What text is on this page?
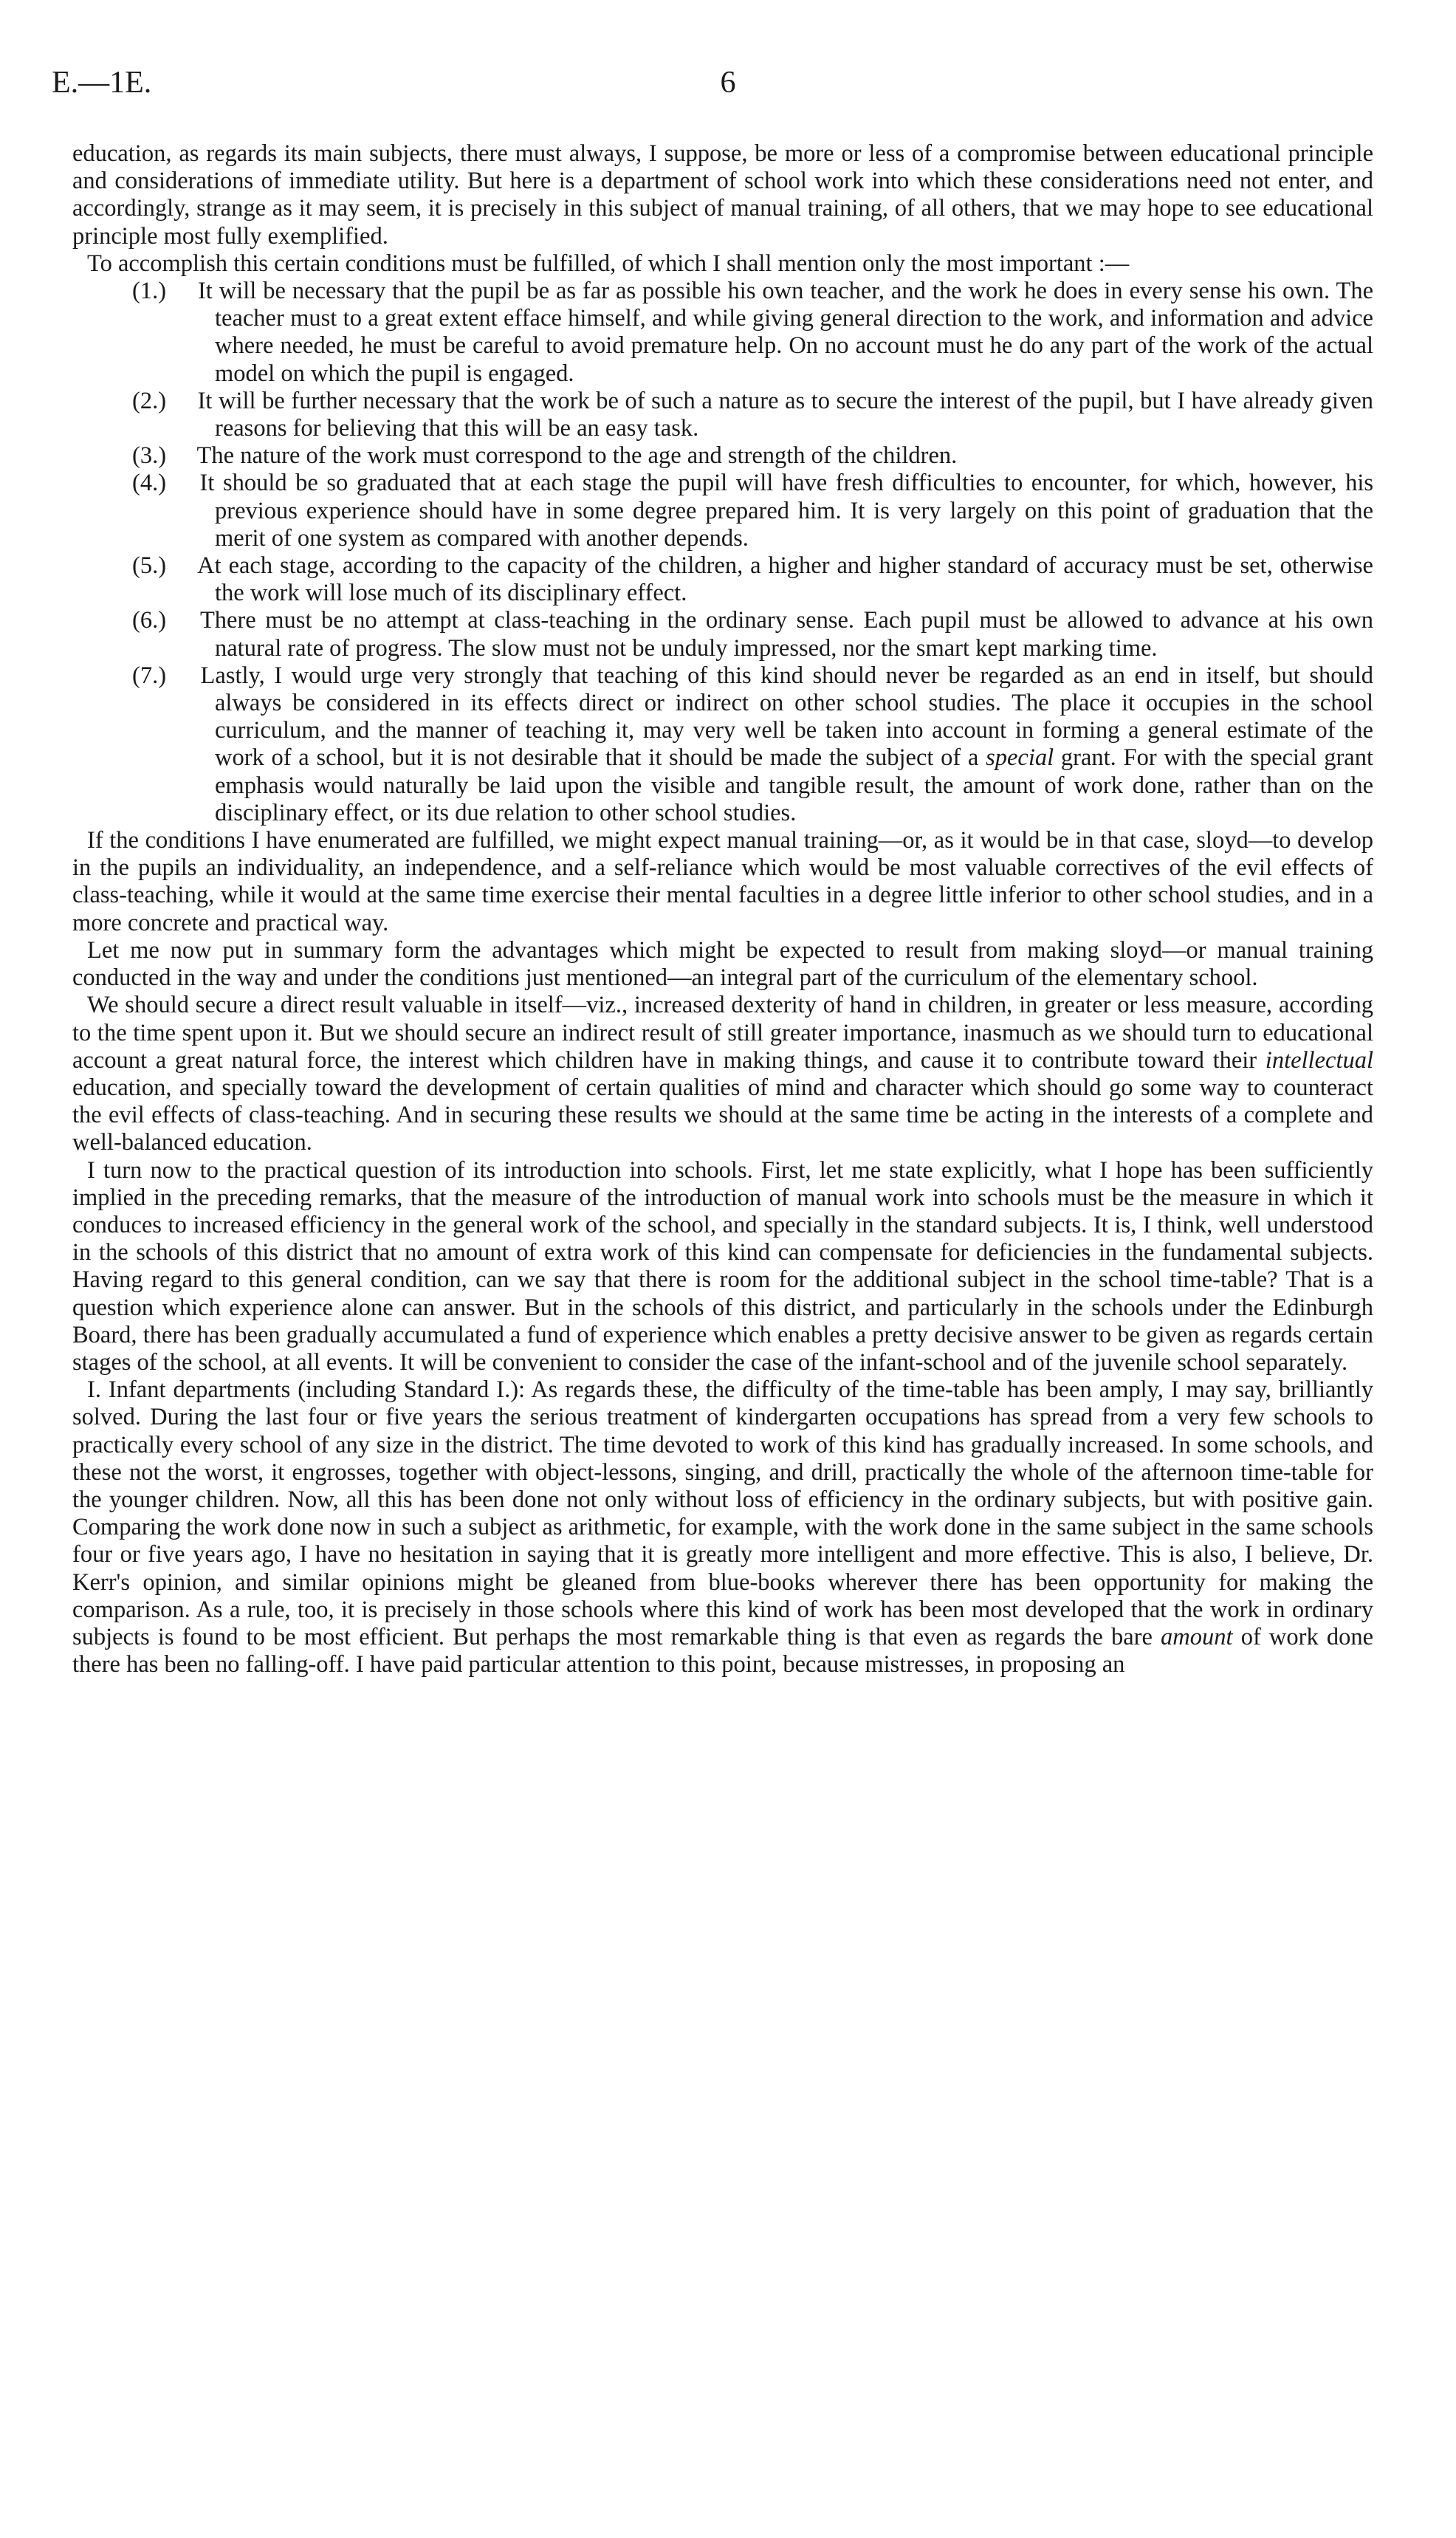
E.—1E.	6

education, as regards its main subjects, there must always, I suppose, be more or less of a compromise between educational principle and considerations of immediate utility. But here is a department of school work into which these considerations need not enter, and accordingly, strange as it may seem, it is precisely in this subject of manual training, of all others, that we may hope to see educational principle most fully exemplified.

To accomplish this certain conditions must be fulfilled, of which I shall mention only the most important :—

(1.) It will be necessary that the pupil be as far as possible his own teacher, and the work he does in every sense his own. The teacher must to a great extent efface himself, and while giving general direction to the work, and information and advice where needed, he must be careful to avoid premature help. On no account must he do any part of the work of the actual model on which the pupil is engaged.
(2.) It will be further necessary that the work be of such a nature as to secure the interest of the pupil, but I have already given reasons for believing that this will be an easy task.
(3.) The nature of the work must correspond to the age and strength of the children.
(4.) It should be so graduated that at each stage the pupil will have fresh difficulties to encounter, for which, however, his previous experience should have in some degree prepared him. It is very largely on this point of graduation that the merit of one system as compared with another depends.
(5.) At each stage, according to the capacity of the children, a higher and higher standard of accuracy must be set, otherwise the work will lose much of its disciplinary effect.
(6.) There must be no attempt at class-teaching in the ordinary sense. Each pupil must be allowed to advance at his own natural rate of progress. The slow must not be unduly impressed, nor the smart kept marking time.
(7.) Lastly, I would urge very strongly that teaching of this kind should never be regarded as an end in itself, but should always be considered in its effects direct or indirect on other school studies. The place it occupies in the school curriculum, and the manner of teaching it, may very well be taken into account in forming a general estimate of the work of a school, but it is not desirable that it should be made the subject of a special grant. For with the special grant emphasis would naturally be laid upon the visible and tangible result, the amount of work done, rather than on the disciplinary effect, or its due relation to other school studies.

If the conditions I have enumerated are fulfilled, we might expect manual training—or, as it would be in that case, sloyd—to develop in the pupils an individuality, an independence, and a self-reliance which would be most valuable correctives of the evil effects of class-teaching, while it would at the same time exercise their mental faculties in a degree little inferior to other school studies, and in a more concrete and practical way.

Let me now put in summary form the advantages which might be expected to result from making sloyd—or manual training conducted in the way and under the conditions just mentioned—an integral part of the curriculum of the elementary school.

We should secure a direct result valuable in itself—viz., increased dexterity of hand in children, in greater or less measure, according to the time spent upon it. But we should secure an indirect result of still greater importance, inasmuch as we should turn to educational account a great natural force, the interest which children have in making things, and cause it to contribute toward their intellectual education, and specially toward the development of certain qualities of mind and character which should go some way to counteract the evil effects of class-teaching. And in securing these results we should at the same time be acting in the interests of a complete and well-balanced education.

I turn now to the practical question of its introduction into schools. First, let me state explicitly, what I hope has been sufficiently implied in the preceding remarks, that the measure of the introduction of manual work into schools must be the measure in which it conduces to increased efficiency in the general work of the school, and specially in the standard subjects. It is, I think, well understood in the schools of this district that no amount of extra work of this kind can compensate for deficiencies in the fundamental subjects. Having regard to this general condition, can we say that there is room for the additional subject in the school time-table? That is a question which experience alone can answer. But in the schools of this district, and particularly in the schools under the Edinburgh Board, there has been gradually accumulated a fund of experience which enables a pretty decisive answer to be given as regards certain stages of the school, at all events. It will be convenient to consider the case of the infant-school and of the juvenile school separately.

I. Infant departments (including Standard I.): As regards these, the difficulty of the time-table has been amply, I may say, brilliantly solved. During the last four or five years the serious treatment of kindergarten occupations has spread from a very few schools to practically every school of any size in the district. The time devoted to work of this kind has gradually increased. In some schools, and these not the worst, it engrosses, together with object-lessons, singing, and drill, practically the whole of the afternoon time-table for the younger children. Now, all this has been done not only without loss of efficiency in the ordinary subjects, but with positive gain. Comparing the work done now in such a subject as arithmetic, for example, with the work done in the same subject in the same schools four or five years ago, I have no hesitation in saying that it is greatly more intelligent and more effective. This is also, I believe, Dr. Kerr's opinion, and similar opinions might be gleaned from blue-books wherever there has been opportunity for making the comparison. As a rule, too, it is precisely in those schools where this kind of work has been most developed that the work in ordinary subjects is found to be most efficient. But perhaps the most remarkable thing is that even as regards the bare amount of work done there has been no falling-off. I have paid particular attention to this point, because mistresses, in proposing an
